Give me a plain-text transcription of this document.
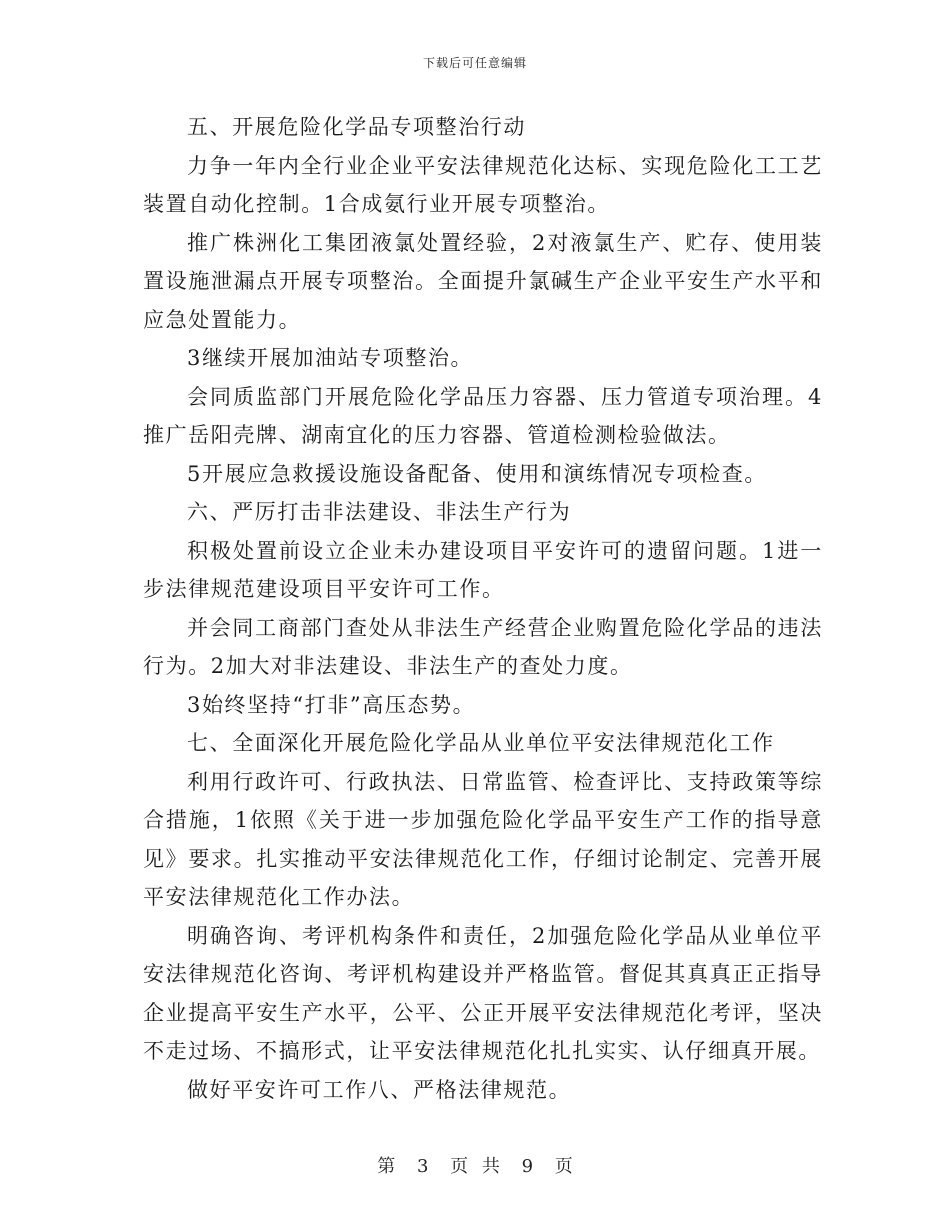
下载后可任意编辑

五、开展危险化学品专项整治行动

力争一年内全行业企业平安法律规范化达标、实现危险化工工艺装置自动化控制。1合成氨行业开展专项整治。

推广株洲化工集团液氯处置经验，2对液氯生产、贮存、使用装置设施泄漏点开展专项整治。全面提升氯碱生产企业平安生产水平和应急处置能力。

3继续开展加油站专项整治。

会同质监部门开展危险化学品压力容器、压力管道专项治理。4推广岳阳壳牌、湖南宜化的压力容器、管道检测检验做法。

5开展应急救援设施设备配备、使用和演练情况专项检查。

六、严厉打击非法建设、非法生产行为

积极处置前设立企业未办建设项目平安许可的遗留问题。1进一步法律规范建设项目平安许可工作。

并会同工商部门查处从非法生产经营企业购置危险化学品的违法行为。2加大对非法建设、非法生产的查处力度。

3始终坚持“打非”高压态势。

七、全面深化开展危险化学品从业单位平安法律规范化工作

利用行政许可、行政执法、日常监管、检查评比、支持政策等综合措施，1依照《关于进一步加强危险化学品平安生产工作的指导意见》要求。扎实推动平安法律规范化工作，仔细讨论制定、完善开展平安法律规范化工作办法。

明确咨询、考评机构条件和责任，2加强危险化学品从业单位平安法律规范化咨询、考评机构建设并严格监管。督促其真真正正指导企业提高平安生产水平，公平、公正开展平安法律规范化考评，坚决不走过场、不搞形式，让平安法律规范化扎扎实实、认仔细真开展。

做好平安许可工作八、严格法律规范。

第 3 页 共 9 页
